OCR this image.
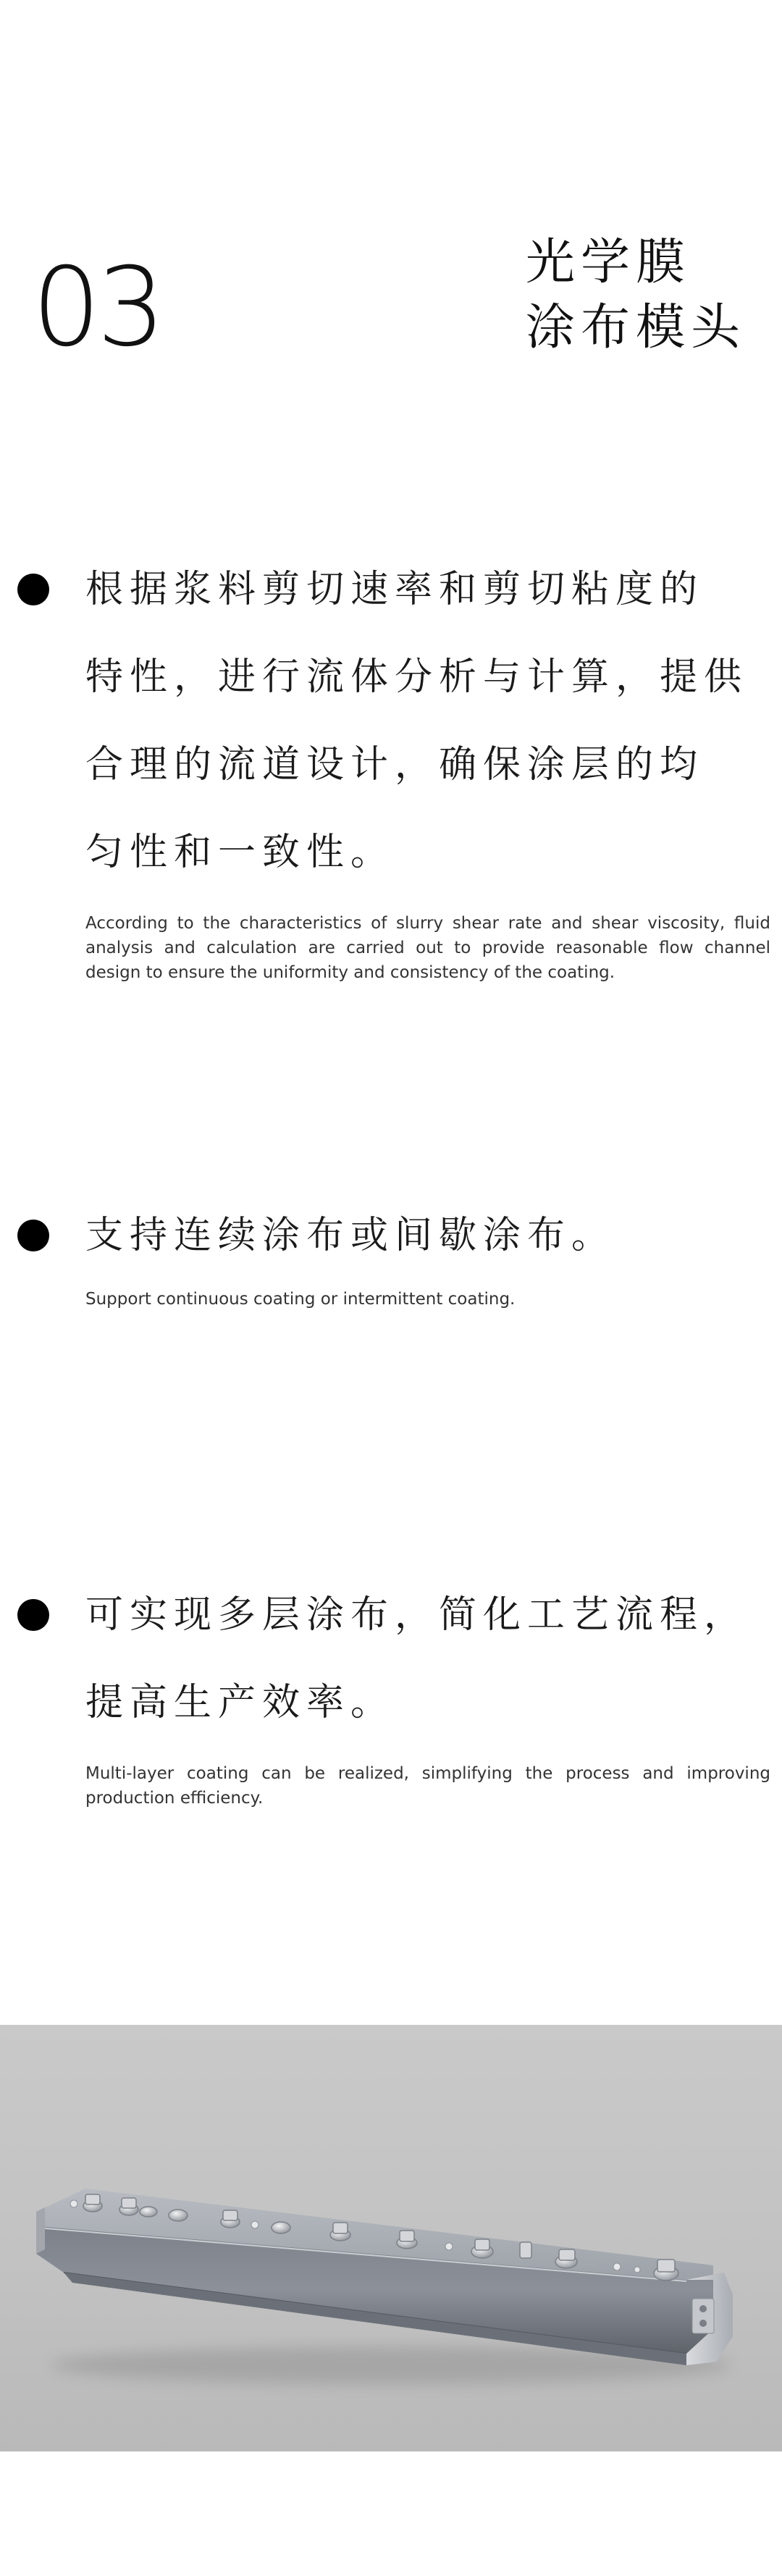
03	光学膜
涂布模头
根据浆料剪切速率和剪切粘度的
特性，进行流体分析与计算，提供
合理的流道设计，确保涂层的均
匀性和一致性。
According to the characteristics of slurry shear rate and shear viscosity, fluid analysis and calculation are carried out to provide reasonable flow channel design to ensure the uniformity and consistency of the coating.
支持连续涂布或间歇涂布。
Support continuous coating or intermittent coating.
可实现多层涂布，简化工艺流程，
提高生产效率。
Multi-layer coating can be realized, simplifying the process and improving production efficiency.
